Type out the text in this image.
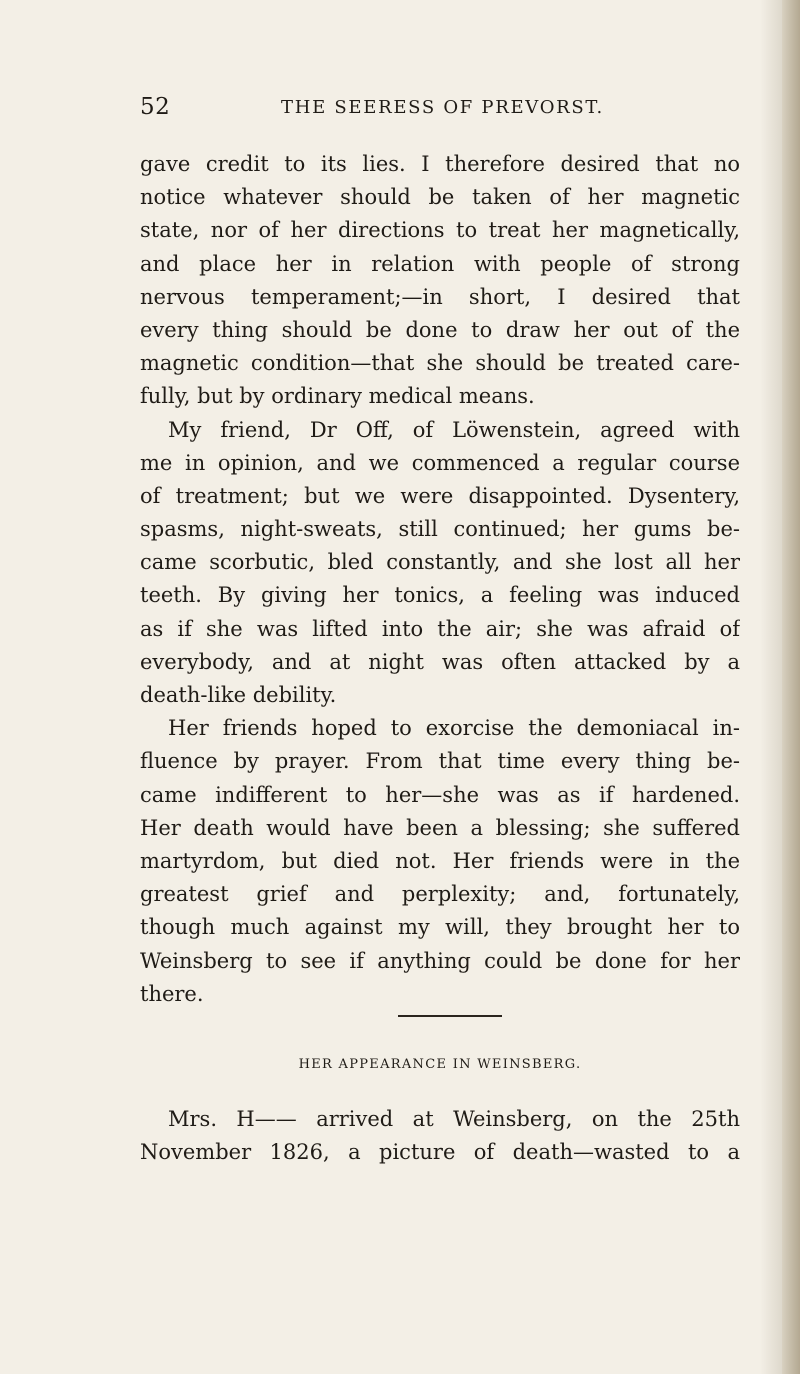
52	THE SEERESS OF PREVORST.
gave credit to its lies. I therefore desired that no
notice whatever should be taken of her magnetic
state, nor of her directions to treat her magnetically,
and place her in relation with people of strong
nervous temperament;—in short, I desired that
every thing should be done to draw her out of the
magnetic condition—that she should be treated care-
fully, but by ordinary medical means.
My friend, Dr Off, of Löwenstein, agreed with
me in opinion, and we commenced a regular course
of treatment; but we were disappointed. Dysentery,
spasms, night-sweats, still continued; her gums be-
came scorbutic, bled constantly, and she lost all her
teeth. By giving her tonics, a feeling was induced
as if she was lifted into the air; she was afraid of
everybody, and at night was often attacked by a
death-like debility.
Her friends hoped to exorcise the demoniacal in-
fluence by prayer. From that time every thing be-
came indifferent to her—she was as if hardened.
Her death would have been a blessing; she suffered
martyrdom, but died not. Her friends were in the
greatest grief and perplexity; and, fortunately,
though much against my will, they brought her to
Weinsberg to see if anything could be done for her
there.
HER APPEARANCE IN WEINSBERG.
Mrs. H—— arrived at Weinsberg, on the 25th
November 1826, a picture of death—wasted to a
